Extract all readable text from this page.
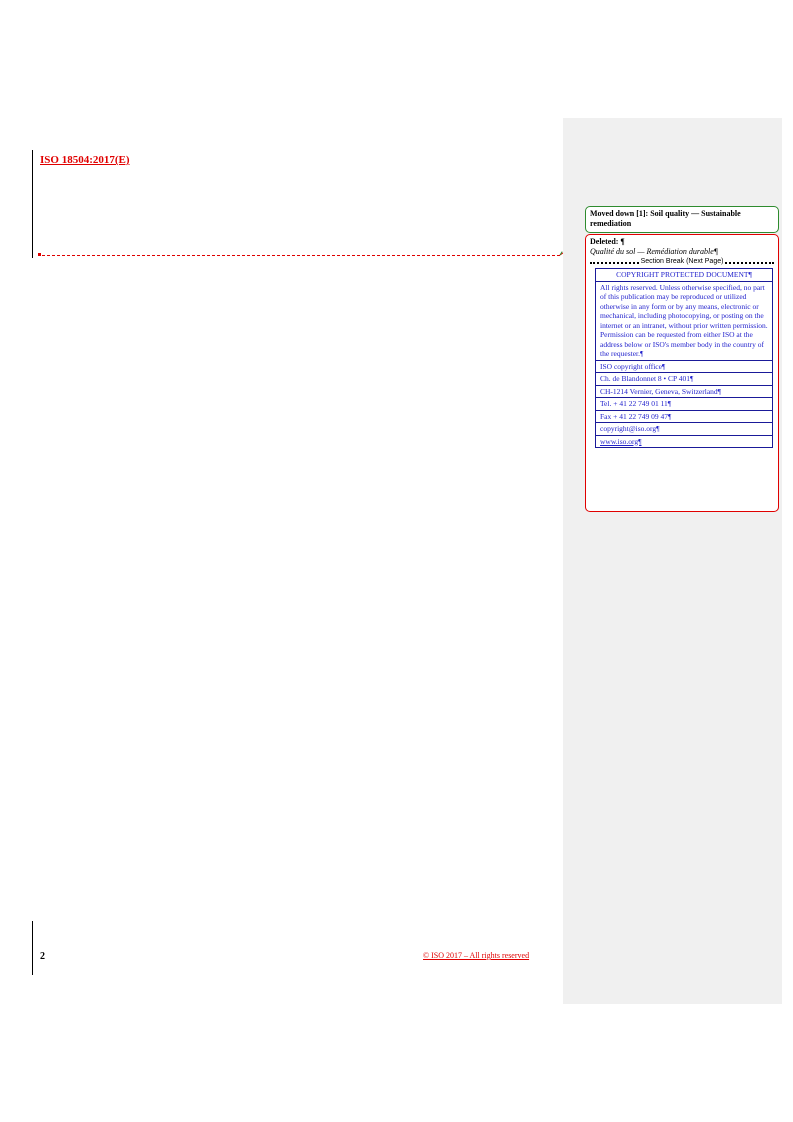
ISO 18504:2017(E)
2	© ISO 2017 – All rights reserved
Moved down [1]: Soil quality — Sustainable remediation
Deleted: ¶
Qualité du sol — Remédiation durable¶
Section Break (Next Page)
COPYRIGHT PROTECTED DOCUMENT¶
All rights reserved. Unless otherwise specified, no part of this publication may be reproduced or utilized otherwise in any form or by any means, electronic or mechanical, including photocopying, or posting on the internet or an intranet, without prior written permission. Permission can be requested from either ISO at the address below or ISO's member body in the country of the requester.¶
ISO copyright office¶
Ch. de Blandonnet 8 • CP 401¶
CH-1214 Vernier, Geneva, Switzerland¶
Tel. + 41 22 749 01 11¶
Fax + 41 22 749 09 47¶
copyright@iso.org¶
www.iso.org¶
